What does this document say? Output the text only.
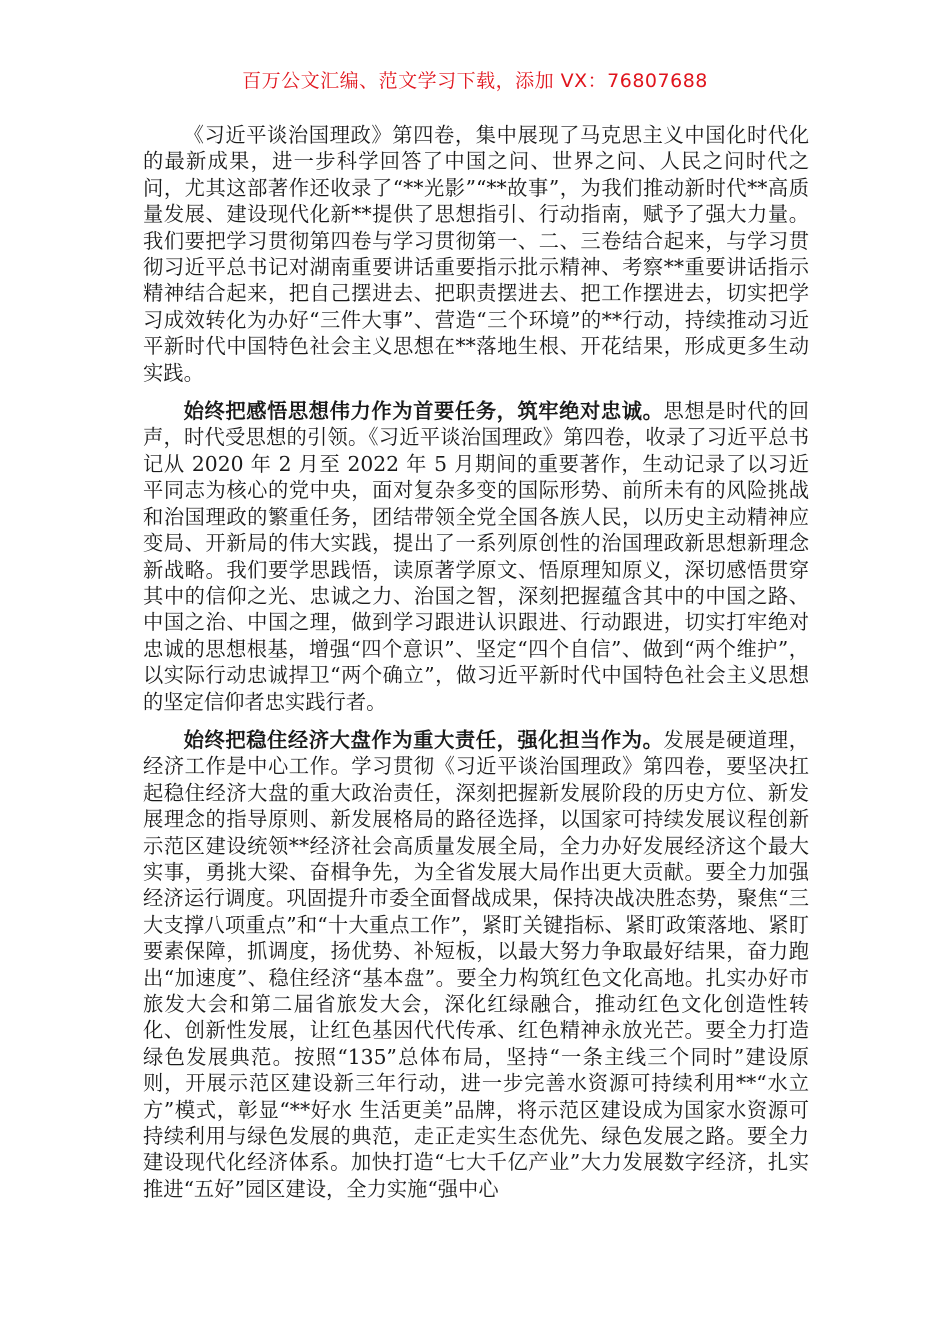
百万公文汇编、范文学习下载，添加 VX：76807688

《习近平谈治国理政》第四卷，集中展现了马克思主义中国化时代化的最新成果，进一步科学回答了中国之问、世界之问、人民之问时代之问，尤其这部著作还收录了“**光影”“**故事”，为我们推动新时代**高质量发展、建设现代化新**提供了思想指引、行动指南，赋予了强大力量。我们要把学习贯彻第四卷与学习贯彻第一、二、三卷结合起来，与学习贯彻习近平总书记对湖南重要讲话重要指示批示精神、考察**重要讲话指示精神结合起来，把自己摆进去、把职责摆进去、把工作摆进去，切实把学习成效转化为办好“三件大事”、营造“三个环境”的**行动，持续推动习近平新时代中国特色社会主义思想在**落地生根、开花结果，形成更多生动实践。

始终把感悟思想伟力作为首要任务，筑牢绝对忠诚。思想是时代的回声，时代受思想的引领。《习近平谈治国理政》第四卷，收录了习近平总书记从 2020 年 2 月至 2022 年 5 月期间的重要著作，生动记录了以习近平同志为核心的党中央，面对复杂多变的国际形势、前所未有的风险挑战和治国理政的繁重任务，团结带领全党全国各族人民，以历史主动精神应变局、开新局的伟大实践，提出了一系列原创性的治国理政新思想新理念新战略。我们要学思践悟，读原著学原文、悟原理知原义，深切感悟贯穿其中的信仰之光、忠诚之力、治国之智，深刻把握蕴含其中的中国之路、中国之治、中国之理，做到学习跟进认识跟进、行动跟进，切实打牢绝对忠诚的思想根基，增强“四个意识”、坚定“四个自信”、做到“两个维护”，以实际行动忠诚捍卫“两个确立”，做习近平新时代中国特色社会主义思想的坚定信仰者忠实践行者。

始终把稳住经济大盘作为重大责任，强化担当作为。发展是硬道理，经济工作是中心工作。学习贯彻《习近平谈治国理政》第四卷，要坚决扛起稳住经济大盘的重大政治责任，深刻把握新发展阶段的历史方位、新发展理念的指导原则、新发展格局的路径选择，以国家可持续发展议程创新示范区建设统领**经济社会高质量发展全局，全力办好发展经济这个最大实事，勇挑大梁、奋楫争先，为全省发展大局作出更大贡献。要全力加强经济运行调度。巩固提升市委全面督战成果，保持决战决胜态势，聚焦“三大支撑八项重点”和“十大重点工作”，紧盯关键指标、紧盯政策落地、紧盯要素保障，抓调度，扬优势、补短板，以最大努力争取最好结果，奋力跑出“加速度”、稳住经济“基本盘”。要全力构筑红色文化高地。扎实办好市旅发大会和第二届省旅发大会，深化红绿融合，推动红色文化创造性转化、创新性发展，让红色基因代代传承、红色精神永放光芒。要全力打造绿色发展典范。按照“135”总体布局，坚持“一条主线三个同时”建设原则，开展示范区建设新三年行动，进一步完善水资源可持续利用**“水立方”模式，彰显“**好水 生活更美”品牌，将示范区建设成为国家水资源可持续利用与绿色发展的典范，走正走实生态优先、绿色发展之路。要全力建设现代化经济体系。加快打造“七大千亿产业”大力发展数字经济，扎实推进“五好”园区建设，全力实施“强中心
